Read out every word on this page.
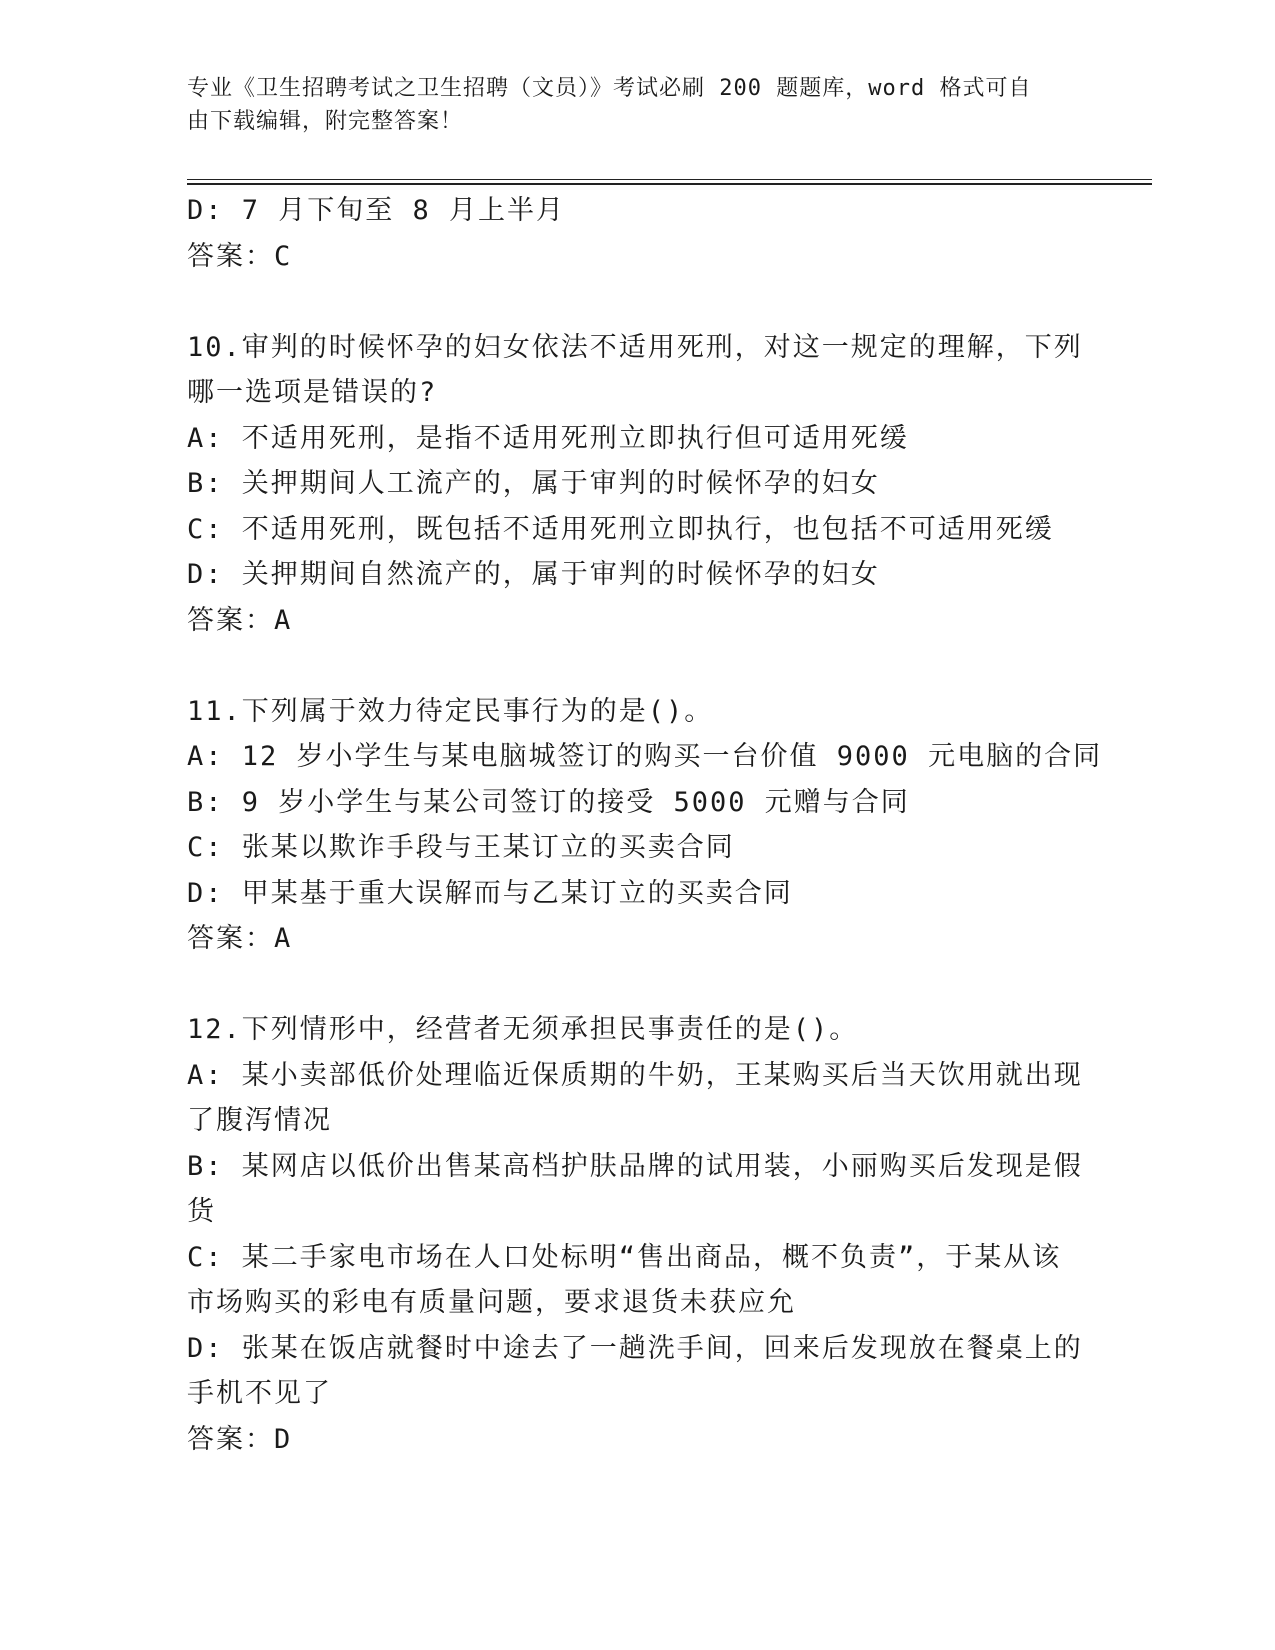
专业《卫生招聘考试之卫生招聘（文员）》考试必刷 200 题题库，word 格式可自
由下载编辑，附完整答案！
D: 7 月下旬至 8 月上半月
答案：C
10.审判的时候怀孕的妇女依法不适用死刑，对这一规定的理解，下列
哪一选项是错误的?
A: 不适用死刑，是指不适用死刑立即执行但可适用死缓
B: 关押期间人工流产的，属于审判的时候怀孕的妇女
C: 不适用死刑，既包括不适用死刑立即执行，也包括不可适用死缓
D: 关押期间自然流产的，属于审判的时候怀孕的妇女
答案：A
11.下列属于效力待定民事行为的是()。
A: 12 岁小学生与某电脑城签订的购买一台价值 9000 元电脑的合同
B: 9 岁小学生与某公司签订的接受 5000 元赠与合同
C: 张某以欺诈手段与王某订立的买卖合同
D: 甲某基于重大误解而与乙某订立的买卖合同
答案：A
12.下列情形中，经营者无须承担民事责任的是()。
A: 某小卖部低价处理临近保质期的牛奶，王某购买后当天饮用就出现
了腹泻情况
B: 某网店以低价出售某高档护肤品牌的试用装，小丽购买后发现是假
货
C: 某二手家电市场在人口处标明“售出商品，概不负责”，于某从该
市场购买的彩电有质量问题，要求退货未获应允
D: 张某在饭店就餐时中途去了一趟洗手间，回来后发现放在餐桌上的
手机不见了
答案：D
